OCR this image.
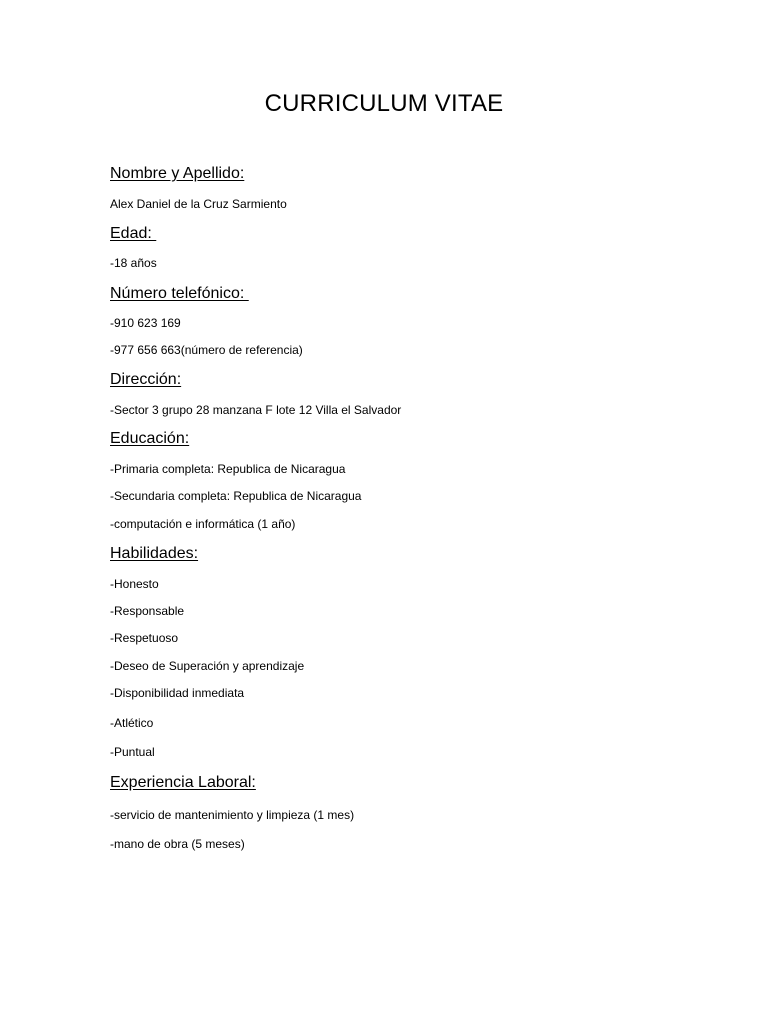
CURRICULUM VITAE
Nombre y Apellido:
Alex Daniel de la Cruz Sarmiento
Edad:
-18 años
Número telefónico:
-910 623 169
-977 656 663(número de referencia)
Dirección:
-Sector 3 grupo 28 manzana F lote 12 Villa el Salvador
Educación:
-Primaria completa: Republica de Nicaragua
-Secundaria completa: Republica de Nicaragua
-computación e informática (1 año)
Habilidades:
-Honesto
-Responsable
-Respetuoso
-Deseo de Superación y aprendizaje
-Disponibilidad inmediata
-Atlético
-Puntual
Experiencia Laboral:
-servicio de mantenimiento y limpieza (1 mes)
-mano de obra (5 meses)
